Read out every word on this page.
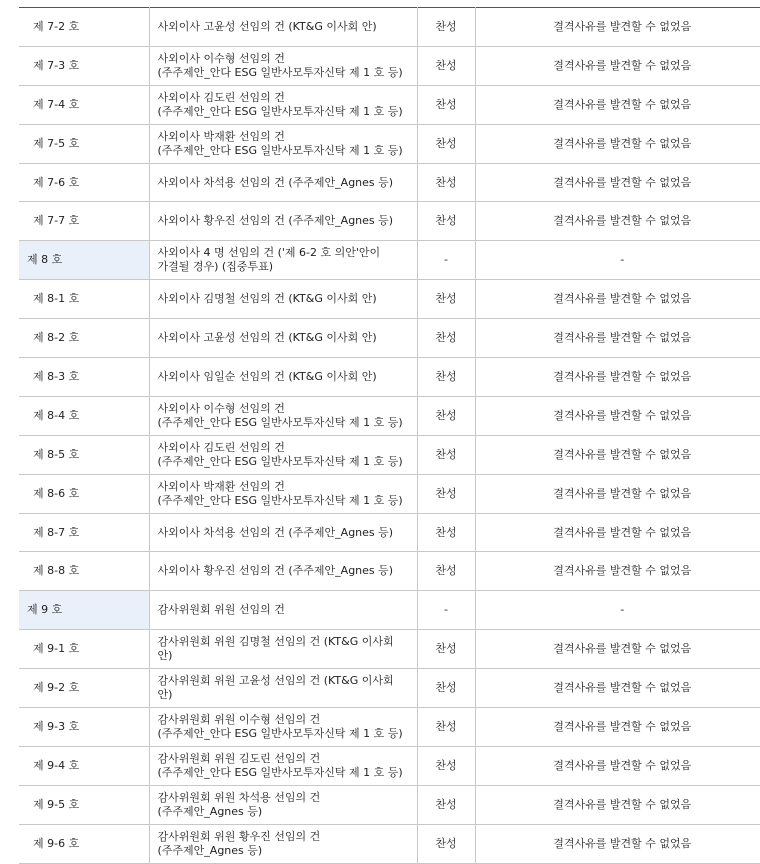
제 7-2 호	사외이사 고윤성 선임의 건 (KT&G 이사회 안)	찬성	결격사유를 발견할 수 없었음
제 7-3 호	사외이사 이수형 선임의 건
(주주제안_안다 ESG 일반사모투자신탁 제 1 호 등)	찬성	결격사유를 발견할 수 없었음
제 7-4 호	사외이사 김도린 선임의 건
(주주제안_안다 ESG 일반사모투자신탁 제 1 호 등)	찬성	결격사유를 발견할 수 없었음
제 7-5 호	사외이사 박재환 선임의 건
(주주제안_안다 ESG 일반사모투자신탁 제 1 호 등)	찬성	결격사유를 발견할 수 없었음
제 7-6 호	사외이사 차석용 선임의 건 (주주제안_Agnes 등)	찬성	결격사유를 발견할 수 없었음
제 7-7 호	사외이사 황우진 선임의 건 (주주제안_Agnes 등)	찬성	결격사유를 발견할 수 없었음
제 8 호	사외이사 4 명 선임의 건 ('제 6-2 호 의안'안이
가결될 경우) (집중투표)	-	-
제 8-1 호	사외이사 김명철 선임의 건 (KT&G 이사회 안)	찬성	결격사유를 발견할 수 없었음
제 8-2 호	사외이사 고윤성 선임의 건 (KT&G 이사회 안)	찬성	결격사유를 발견할 수 없었음
제 8-3 호	사외이사 임일순 선임의 건 (KT&G 이사회 안)	찬성	결격사유를 발견할 수 없었음
제 8-4 호	사외이사 이수형 선임의 건
(주주제안_안다 ESG 일반사모투자신탁 제 1 호 등)	찬성	결격사유를 발견할 수 없었음
제 8-5 호	사외이사 김도린 선임의 건
(주주제안_안다 ESG 일반사모투자신탁 제 1 호 등)	찬성	결격사유를 발견할 수 없었음
제 8-6 호	사외이사 박재환 선임의 건
(주주제안_안다 ESG 일반사모투자신탁 제 1 호 등)	찬성	결격사유를 발견할 수 없었음
제 8-7 호	사외이사 차석용 선임의 건 (주주제안_Agnes 등)	찬성	결격사유를 발견할 수 없었음
제 8-8 호	사외이사 황우진 선임의 건 (주주제안_Agnes 등)	찬성	결격사유를 발견할 수 없었음
제 9 호	감사위원회 위원 선임의 건	-	-
제 9-1 호	감사위원회 위원 김명철 선임의 건 (KT&G 이사회
안)	찬성	결격사유를 발견할 수 없었음
제 9-2 호	감사위원회 위원 고윤성 선임의 건 (KT&G 이사회
안)	찬성	결격사유를 발견할 수 없었음
제 9-3 호	감사위원회 위원 이수형 선임의 건
(주주제안_안다 ESG 일반사모투자신탁 제 1 호 등)	찬성	결격사유를 발견할 수 없었음
제 9-4 호	감사위원회 위원 김도린 선임의 건
(주주제안_안다 ESG 일반사모투자신탁 제 1 호 등)	찬성	결격사유를 발견할 수 없었음
제 9-5 호	감사위원회 위원 차석용 선임의 건
(주주제안_Agnes 등)	찬성	결격사유를 발견할 수 없었음
제 9-6 호	감사위원회 위원 황우진 선임의 건
(주주제안_Agnes 등)	찬성	결격사유를 발견할 수 없었음
